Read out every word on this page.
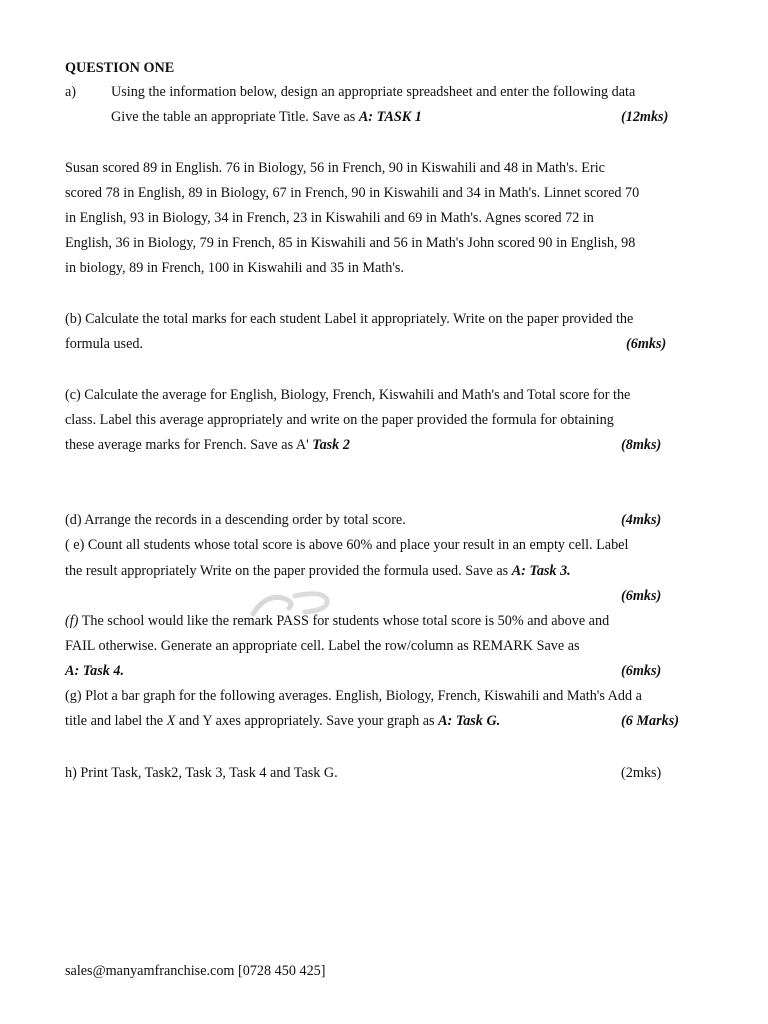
QUESTION ONE
a) Using the information below, design an appropriate spreadsheet and enter the following data
Give the table an appropriate Title. Save as A: TASK 1	(12mks)
Susan scored 89 in English. 76 in Biology, 56 in French, 90 in Kiswahili and 48 in Math's. Eric
scored 78 in English, 89 in Biology, 67 in French, 90 in Kiswahili and 34 in Math's. Linnet scored 70
in English, 93 in Biology, 34 in French, 23 in Kiswahili and 69 in Math's. Agnes scored 72 in
English, 36 in Biology, 79 in French, 85 in Kiswahili and 56 in Math's John scored 90 in English, 98
in biology, 89 in French, 100 in Kiswahili and 35 in Math's.
(b) Calculate the total marks for each student Label it appropriately. Write on the paper provided the
formula used.	(6mks)
(c) Calculate the average for English, Biology, French, Kiswahili and Math's and Total score for the
class. Label this average appropriately and write on the paper provided the formula for obtaining
these average marks for French. Save as A' Task 2	(8mks)
(d) Arrange the records in a descending order by total score.	(4mks)
( e) Count all students whose total score is above 60% and place your result in an empty cell. Label
the result appropriately Write on the paper provided the formula used. Save as A: Task 3.
(6mks)
(f) The school would like the remark PASS for students whose total score is 50% and above and
FAIL otherwise. Generate an appropriate cell. Label the row/column as REMARK Save as
A: Task 4.	(6mks)
(g) Plot a bar graph for the following averages. English, Biology, French, Kiswahili and Math's Add a
title and label the X and Y axes appropriately. Save your graph as A: Task G.	(6 Marks)
h) Print Task, Task2, Task 3, Task 4 and Task G.	(2mks)
sales@manyamfranchise.com [0728 450 425]
